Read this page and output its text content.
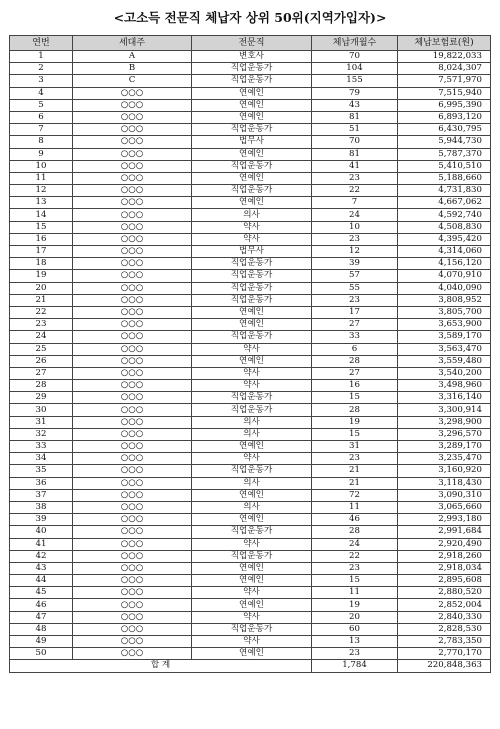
<고소득 전문직 체납자 상위 50위(지역가입자)>
연번	세대주	전문직	체납개월수	체납보험료(원)
1	A	변호사	70	19,822,033
2	B	직업운동가	104	8,024,307
3	C	직업운동가	155	7,571,970
4	○○○	연예인	79	7,515,940
5	○○○	연예인	43	6,995,390
6	○○○	연예인	81	6,893,120
7	○○○	직업운동가	51	6,430,795
8	○○○	법무사	70	5,944,730
9	○○○	연예인	81	5,787,370
10	○○○	직업운동가	41	5,410,510
11	○○○	연예인	23	5,188,660
12	○○○	직업운동가	22	4,731,830
13	○○○	연예인	7	4,667,062
14	○○○	의사	24	4,592,740
15	○○○	약사	10	4,508,830
16	○○○	약사	23	4,395,420
17	○○○	법무사	12	4,314,060
18	○○○	직업운동가	39	4,156,120
19	○○○	직업운동가	57	4,070,910
20	○○○	직업운동가	55	4,040,090
21	○○○	직업운동가	23	3,808,952
22	○○○	연예인	17	3,805,700
23	○○○	연예인	27	3,653,900
24	○○○	직업운동가	33	3,589,170
25	○○○	약사	6	3,563,470
26	○○○	연예인	28	3,559,480
27	○○○	약사	27	3,540,200
28	○○○	약사	16	3,498,960
29	○○○	직업운동가	15	3,316,140
30	○○○	직업운동가	28	3,300,914
31	○○○	의사	19	3,298,900
32	○○○	의사	15	3,296,570
33	○○○	연예인	31	3,289,170
34	○○○	약사	23	3,235,470
35	○○○	직업운동가	21	3,160,920
36	○○○	의사	21	3,118,430
37	○○○	연예인	72	3,090,310
38	○○○	의사	11	3,065,660
39	○○○	연예인	46	2,993,180
40	○○○	직업운동가	28	2,991,684
41	○○○	약사	24	2,920,490
42	○○○	직업운동가	22	2,918,260
43	○○○	연예인	23	2,918,034
44	○○○	연예인	15	2,895,608
45	○○○	약사	11	2,880,520
46	○○○	연예인	19	2,852,004
47	○○○	약사	20	2,840,330
48	○○○	직업운동가	60	2,828,530
49	○○○	약사	13	2,783,350
50	○○○	연예인	23	2,770,170
합 계			1,784	220,848,363
